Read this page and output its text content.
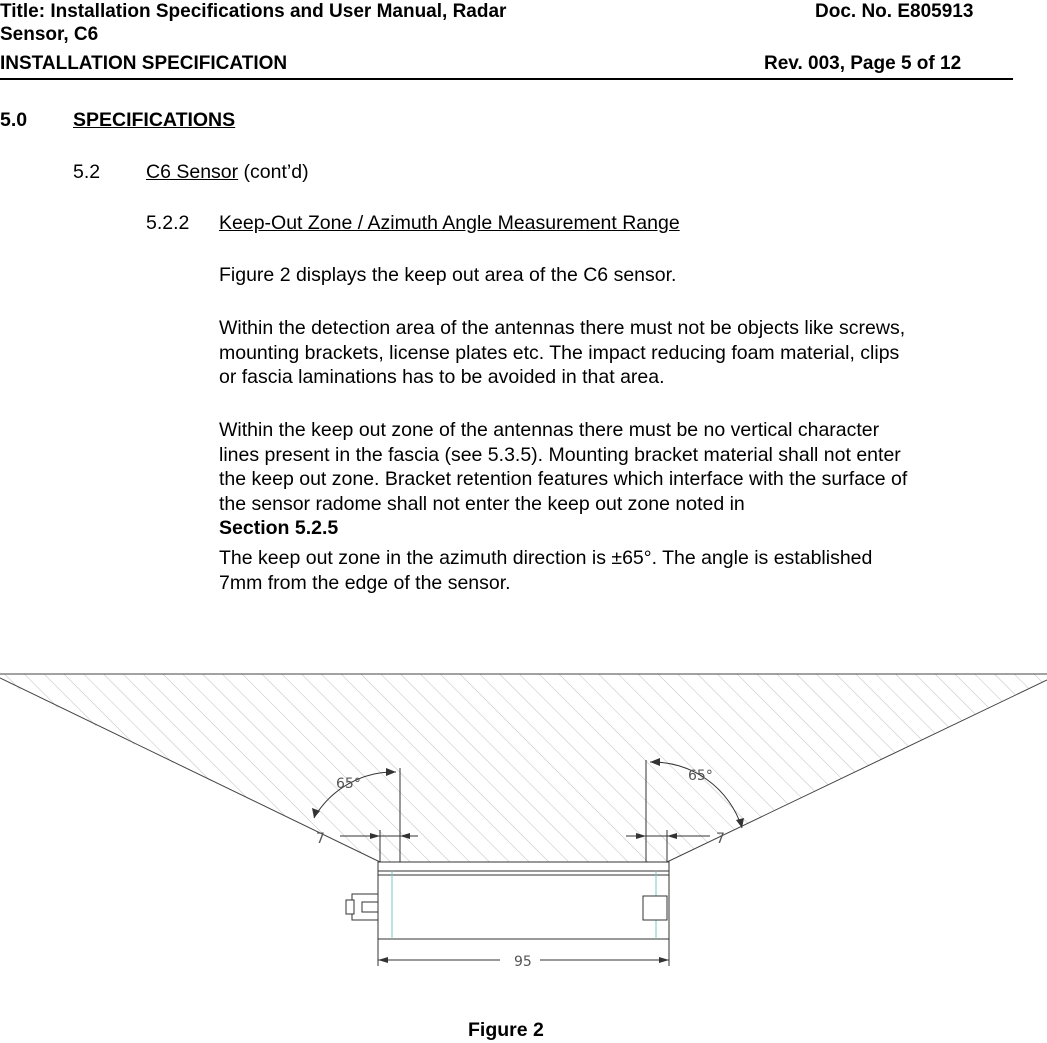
Title: Installation Specifications and User Manual, Radar
Sensor, C6
Doc. No. E805913
INSTALLATION SPECIFICATION	Rev. 003, Page 5 of 12
5.0 SPECIFICATIONS
5.2 C6 Sensor (cont’d)
5.2.2 Keep-Out Zone / Azimuth Angle Measurement Range
Figure 2 displays the keep out area of the C6 sensor.
Within the detection area of the antennas there must not be objects like screws,
mounting brackets, license plates etc. The impact reducing foam material, clips
or fascia laminations has to be avoided in that area.
Within the keep out zone of the antennas there must be no vertical character
lines present in the fascia (see 5.3.5). Mounting bracket material shall not enter
the keep out zone. Bracket retention features which interface with the surface of
the sensor radome shall not enter the keep out zone noted in
Section 5.2.5
The keep out zone in the azimuth direction is ±65°. The angle is established
7mm from the edge of the sensor.
65°	65°
7	7
95
Figure 2
